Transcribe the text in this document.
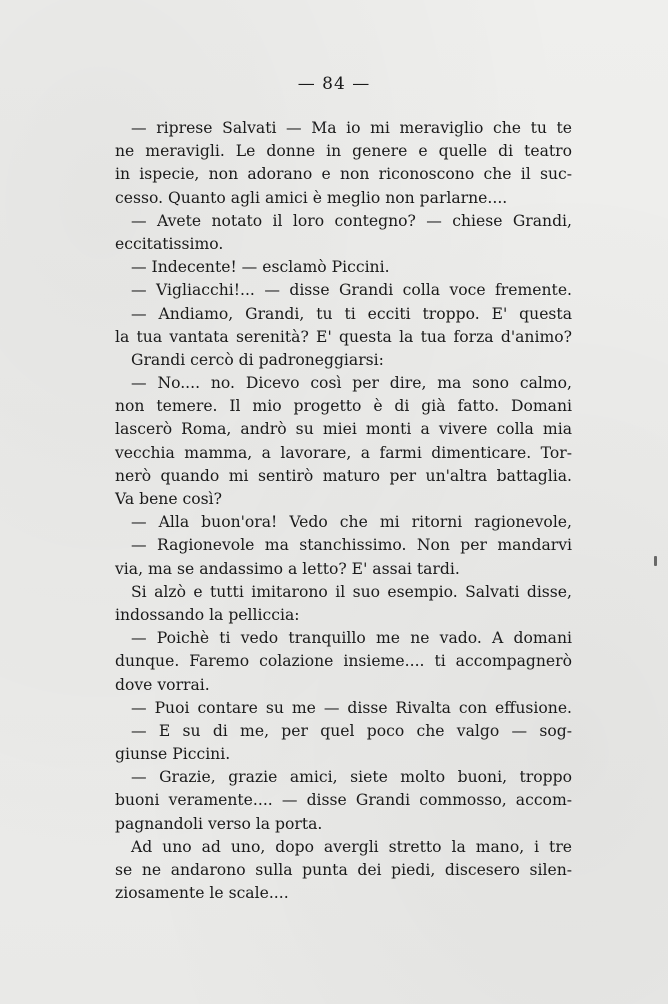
— 84 —
— riprese Salvati — Ma io mi meraviglio che tu te
ne meravigli. Le donne in genere e quelle di teatro
in ispecie, non adorano e non riconoscono che il suc-
cesso. Quanto agli amici è meglio non parlarne....
— Avete notato il loro contegno? — chiese Grandi,
eccitatissimo.
— Indecente! — esclamò Piccini.
— Vigliacchi!... — disse Grandi colla voce fremente.
— Andiamo, Grandi, tu ti ecciti troppo. E' questa
la tua vantata serenità? E' questa la tua forza d'animo?
Grandi cercò di padroneggiarsi:
— No.... no. Dicevo così per dire, ma sono calmo,
non temere. Il mio progetto è di già fatto. Domani
lascerò Roma, andrò su miei monti a vivere colla mia
vecchia mamma, a lavorare, a farmi dimenticare. Tor-
nerò quando mi sentirò maturo per un'altra battaglia.
Va bene così?
— Alla buon'ora! Vedo che mi ritorni ragionevole,
— Ragionevole ma stanchissimo. Non per mandarvi
via, ma se andassimo a letto? E' assai tardi.
Si alzò e tutti imitarono il suo esempio. Salvati disse,
indossando la pelliccia:
— Poichè ti vedo tranquillo me ne vado. A domani
dunque. Faremo colazione insieme.... ti accompagnerò
dove vorrai.
— Puoi contare su me — disse Rivalta con effusione.
— E su di me, per quel poco che valgo — sog-
giunse Piccini.
— Grazie, grazie amici, siete molto buoni, troppo
buoni veramente.... — disse Grandi commosso, accom-
pagnandoli verso la porta.
Ad uno ad uno, dopo avergli stretto la mano, i tre
se ne andarono sulla punta dei piedi, discesero silen-
ziosamente le scale....
